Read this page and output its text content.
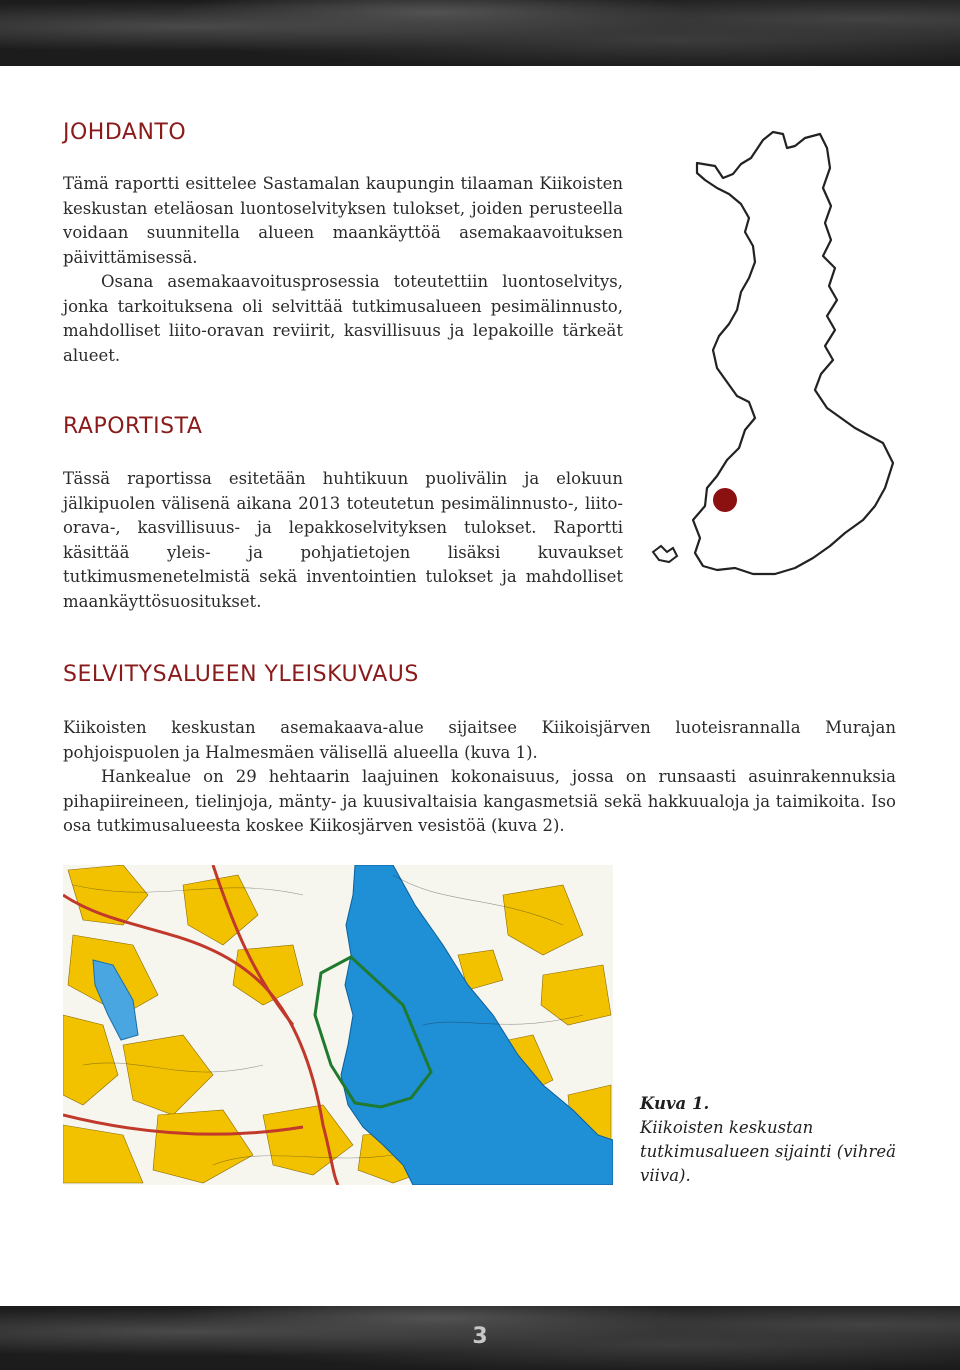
JOHDANTO

Tämä raportti esittelee Sastamalan kaupungin tilaaman Kiikoisten keskustan eteläosan luontoselvityksen tulokset, joiden perusteella voidaan suunnitella alueen maankäyttöä asemakaavoituksen päivittämisessä.

Osana asemakaavoitusprosessia toteutettiin luontoselvitys, jonka tarkoituksena oli selvittää tutkimusalueen pesimälinnusto, mahdolliset liito-oravan reviirit, kasvillisuus ja lepakoille tärkeät alueet.

RAPORTISTA

Tässä raportissa esitetään huhtikuun puolivälin ja elokuun jälkipuolen välisenä aikana 2013 toteutetun pesimälinnusto-, liito-orava-, kasvillisuus- ja lepakkoselvityksen tulokset. Raportti käsittää yleis- ja pohjatietojen lisäksi kuvaukset tutkimusmenetelmistä sekä inventointien tulokset ja mahdolliset maankäyttösuositukset.

SELVITYSALUEEN YLEISKUVAUS

Kiikoisten keskustan asemakaava-alue sijaitsee Kiikoisjärven luoteisrannalla Murajan pohjoispuolen ja Halmesmäen välisellä alueella (kuva 1).

Hankealue on 29 hehtaarin laajuinen kokonaisuus, jossa on runsaasti asuinrakennuksia pihapiireineen, tielinjoja, mänty- ja kuusivaltaisia kangasmetsiä sekä hakkuualoja ja taimikoita. Iso osa tutkimusalueesta koskee Kiikosjärven vesistöä (kuva 2).

Kuva 1.
Kiikoisten keskustan tutkimusalueen sijainti (vihreä viiva).
3
